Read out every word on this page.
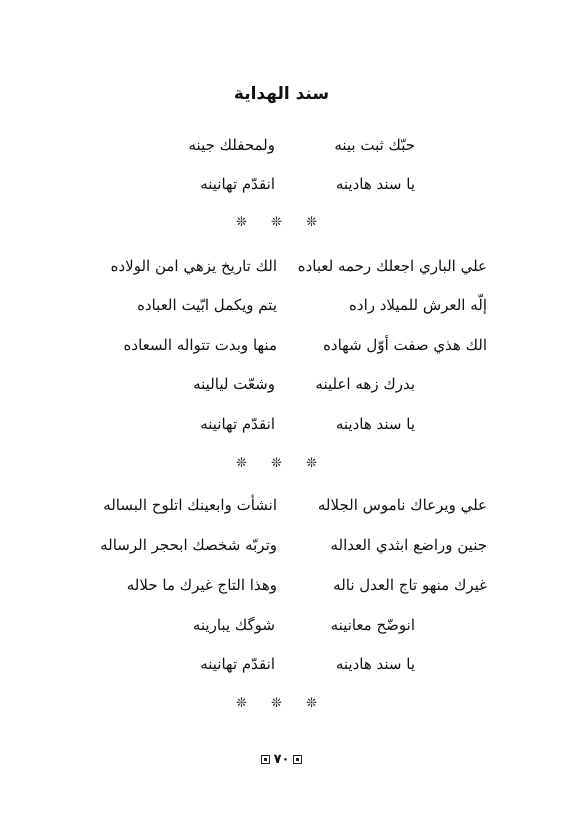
سند الهداية
حبّك ثبت بينه
ولمحفلك جينه
يا سند هادينه
انقدّم تهانينه
❊ ❊ ❊
علي الباري اجعلك رحمه لعباده
الك تاريخ يزهي امن الولاده
إلّه العرش للميلاد راده
يتم ويكمل ابّيت العباده
الك هذي صفت أوّل شهاده
منها وبدت تتواله السعاده
بدرك زهه اعلينه
وشعّت ليالينه
يا سند هادينه
انقدّم تهانينه
❊ ❊ ❊
علي ويرعاك ناموس الجلاله
انشأت وابعينك اتلوح البساله
جنين وراضع ابثدي العداله
وتربّه شخصك ابحجر الرساله
غيرك منهو تاج العدل ناله
وهذا التاج غيرك ما حلاله
انوضّح معانينه
شوگك يبارينه
يا سند هادينه
انقدّم تهانينه
❊ ❊ ❊
٧٠
